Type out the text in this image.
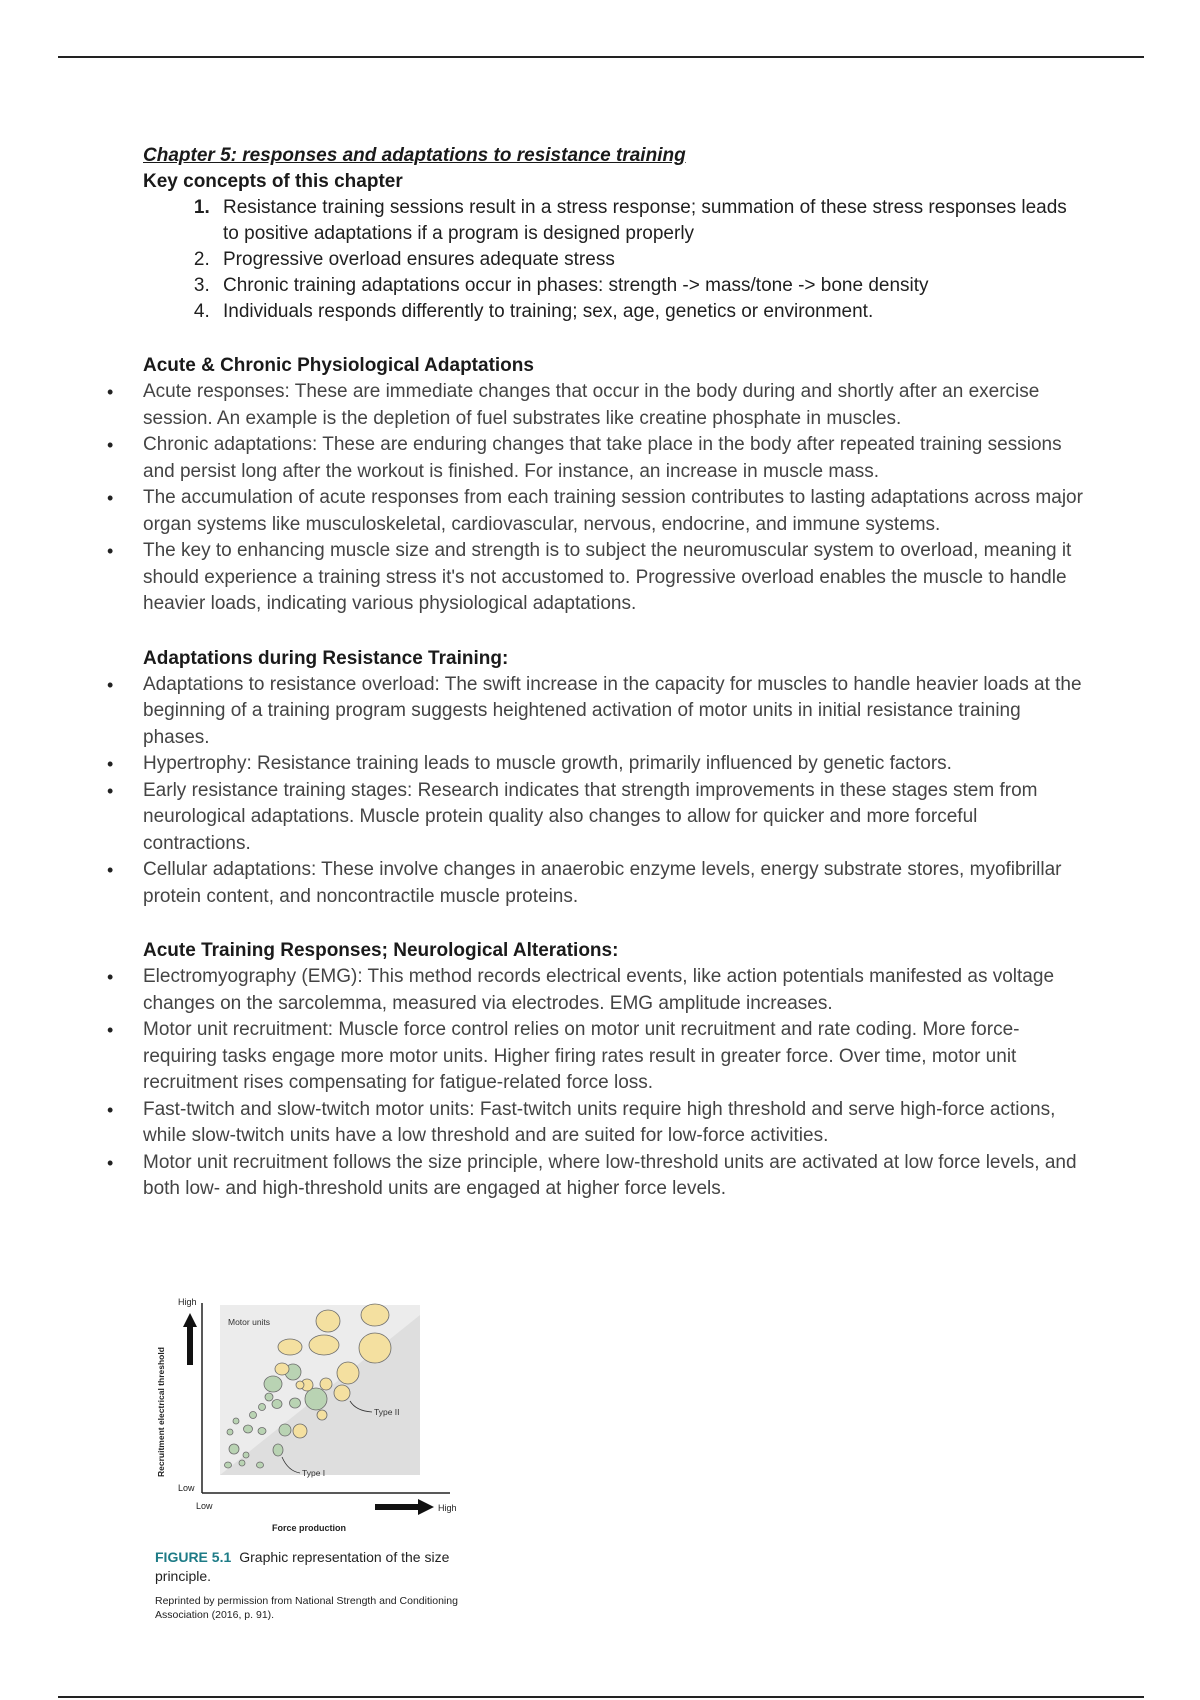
Chapter 5: responses and adaptations to resistance training

Key concepts of this chapter

1. Resistance training sessions result in a stress response; summation of these stress responses leads to positive adaptations if a program is designed properly
2. Progressive overload ensures adequate stress
3. Chronic training adaptations occur in phases: strength -> mass/tone -> bone density
4. Individuals responds differently to training; sex, age, genetics or environment.

Acute & Chronic Physiological Adaptations

• Acute responses: These are immediate changes that occur in the body during and shortly after an exercise session. An example is the depletion of fuel substrates like creatine phosphate in muscles.
• Chronic adaptations: These are enduring changes that take place in the body after repeated training sessions and persist long after the workout is finished. For instance, an increase in muscle mass.
• The accumulation of acute responses from each training session contributes to lasting adaptations across major organ systems like musculoskeletal, cardiovascular, nervous, endocrine, and immune systems.
• The key to enhancing muscle size and strength is to subject the neuromuscular system to overload, meaning it should experience a training stress it's not accustomed to. Progressive overload enables the muscle to handle heavier loads, indicating various physiological adaptations.

Adaptations during Resistance Training:

• Adaptations to resistance overload: The swift increase in the capacity for muscles to handle heavier loads at the beginning of a training program suggests heightened activation of motor units in initial resistance training phases.
• Hypertrophy: Resistance training leads to muscle growth, primarily influenced by genetic factors.
• Early resistance training stages: Research indicates that strength improvements in these stages stem from neurological adaptations. Muscle protein quality also changes to allow for quicker and more forceful contractions.
• Cellular adaptations: These involve changes in anaerobic enzyme levels, energy substrate stores, myofibrillar protein content, and noncontractile muscle proteins.

Acute Training Responses; Neurological Alterations:

• Electromyography (EMG): This method records electrical events, like action potentials manifested as voltage changes on the sarcolemma, measured via electrodes. EMG amplitude increases.
• Motor unit recruitment: Muscle force control relies on motor unit recruitment and rate coding. More force-requiring tasks engage more motor units. Higher firing rates result in greater force. Over time, motor unit recruitment rises compensating for fatigue-related force loss.
• Fast-twitch and slow-twitch motor units: Fast-twitch units require high threshold and serve high-force actions, while slow-twitch units have a low threshold and are suited for low-force activities.
• Motor unit recruitment follows the size principle, where low-threshold units are activated at low force levels, and both low- and high-threshold units are engaged at higher force levels.
High
Low
Low	High
Force production
Recruitment electrical threshold
Motor units
Type II
Type I
FIGURE 5.1 Graphic representation of the size principle.
Reprinted by permission from National Strength and Conditioning Association (2016, p. 91).
